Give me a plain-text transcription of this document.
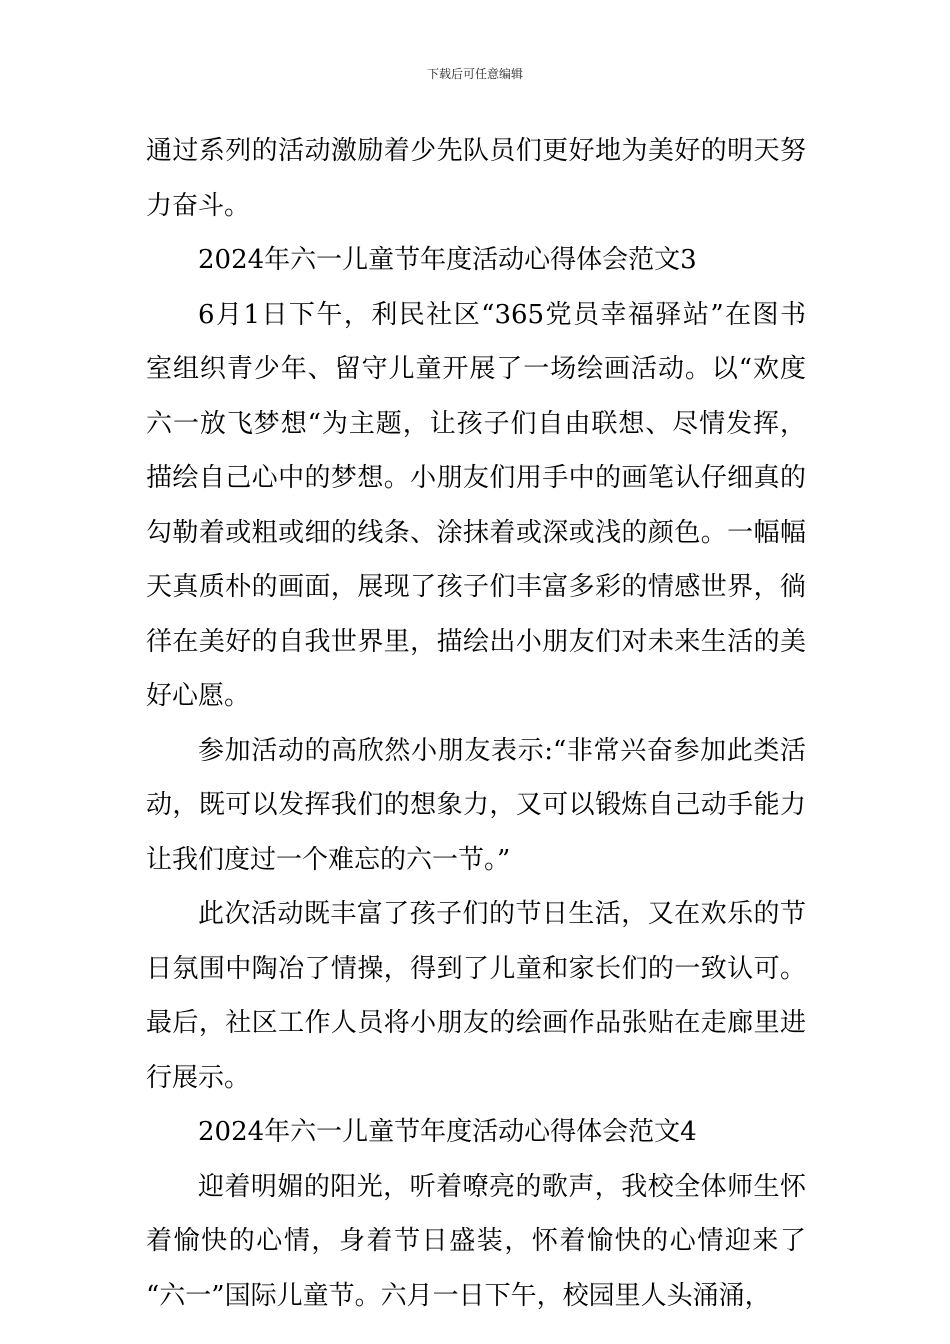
下载后可任意编辑

通过系列的活动激励着少先队员们更好地为美好的明天努
力奋斗。

2024年六一儿童节年度活动心得体会范文3

6月1日下午，利民社区“365党员幸福驿站”在图书
室组织青少年、留守儿童开展了一场绘画活动。以“欢度
六一放飞梦想“为主题，让孩子们自由联想、尽情发挥，
描绘自己心中的梦想。小朋友们用手中的画笔认仔细真的
勾勒着或粗或细的线条、涂抹着或深或浅的颜色。一幅幅
天真质朴的画面，展现了孩子们丰富多彩的情感世界，徜
徉在美好的自我世界里，描绘出小朋友们对未来生活的美
好心愿。

参加活动的高欣然小朋友表示:“非常兴奋参加此类活
动，既可以发挥我们的想象力，又可以锻炼自己动手能力
让我们度过一个难忘的六一节。”

此次活动既丰富了孩子们的节日生活，又在欢乐的节
日氛围中陶冶了情操，得到了儿童和家长们的一致认可。
最后，社区工作人员将小朋友的绘画作品张贴在走廊里进
行展示。

2024年六一儿童节年度活动心得体会范文4

迎着明媚的阳光，听着嘹亮的歌声，我校全体师生怀
着愉快的心情，身着节日盛装，怀着愉快的心情迎来了
“六一”国际儿童节。六月一日下午，校园里人头涌涌，
